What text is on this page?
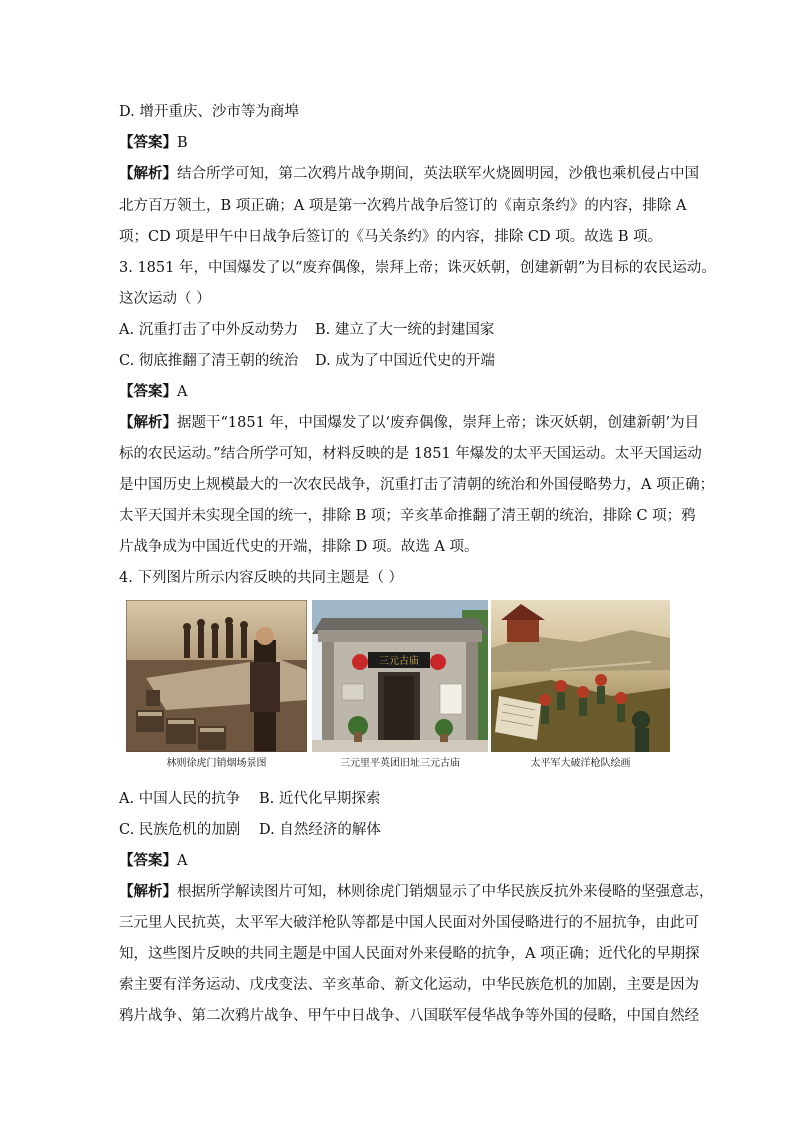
D. 增开重庆、沙市等为商埠
【答案】B
【解析】结合所学可知，第二次鸦片战争期间，英法联军火烧圆明园，沙俄也乘机侵占中国
北方百万领土，B 项正确；A 项是第一次鸦片战争后签订的《南京条约》的内容，排除 A
项；CD 项是甲午中日战争后签订的《马关条约》的内容，排除 CD 项。故选 B 项。
3. 1851 年，中国爆发了以“废弃偶像，崇拜上帝；诛灭妖朝，创建新朝”为目标的农民运动。
这次运动（ ）
A. 沉重打击了中外反动势力 B. 建立了大一统的封建国家
C. 彻底推翻了清王朝的统治 D. 成为了中国近代史的开端
【答案】A
【解析】据题干“1851 年，中国爆发了以‘废弃偶像，崇拜上帝；诛灭妖朝，创建新朝’为目
标的农民运动。”结合所学可知，材料反映的是 1851 年爆发的太平天国运动。太平天国运动
是中国历史上规模最大的一次农民战争，沉重打击了清朝的统治和外国侵略势力，A 项正确；
太平天国并未实现全国的统一，排除 B 项；辛亥革命推翻了清王朝的统治，排除 C 项；鸦
片战争成为中国近代史的开端，排除 D 项。故选 A 项。
4. 下列图片所示内容反映的共同主题是（ ）
林则徐虎门销烟场景图
三元古庙
三元里平英团旧址三元古庙	太平军大破洋枪队绘画
A. 中国人民的抗争 B. 近代化早期探索
C. 民族危机的加剧 D. 自然经济的解体
【答案】A
【解析】根据所学解读图片可知，林则徐虎门销烟显示了中华民族反抗外来侵略的坚强意志，
三元里人民抗英，太平军大破洋枪队等都是中国人民面对外国侵略进行的不屈抗争，由此可
知，这些图片反映的共同主题是中国人民面对外来侵略的抗争，A 项正确；近代化的早期探
索主要有洋务运动、戊戌变法、辛亥革命、新文化运动，中华民族危机的加剧，主要是因为
鸦片战争、第二次鸦片战争、甲午中日战争、八国联军侵华战争等外国的侵略，中国自然经
